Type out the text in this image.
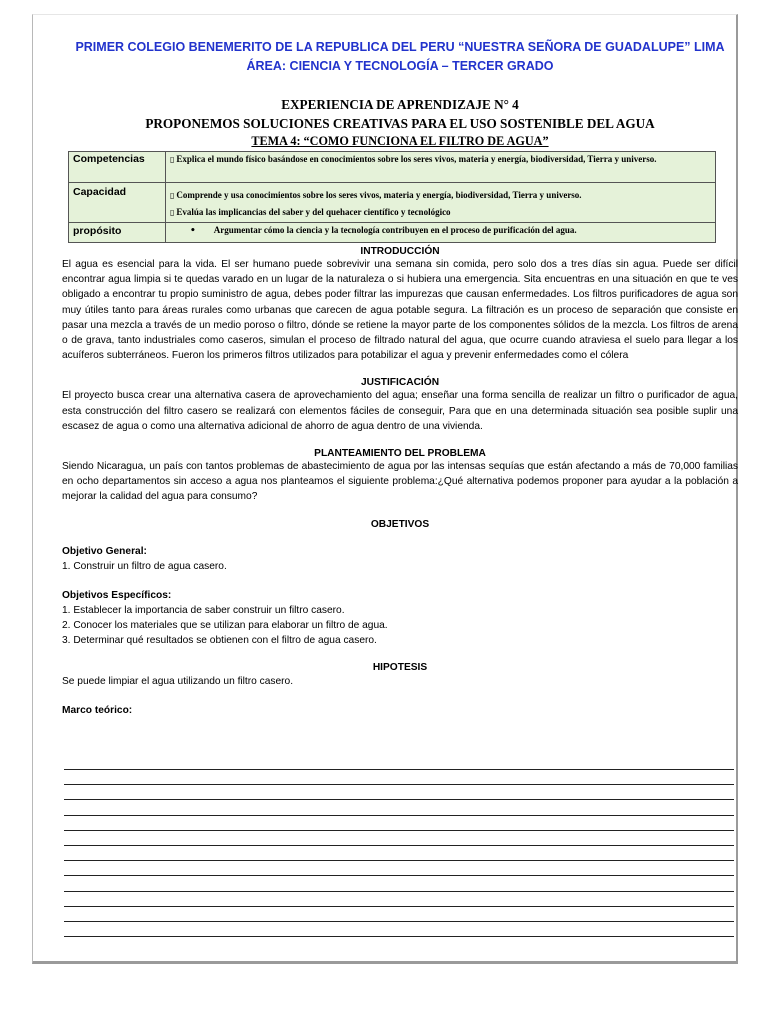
PRIMER COLEGIO BENEMERITO DE LA REPUBLICA DEL PERU “NUESTRA SEÑORA DE GUADALUPE” LIMA
ÁREA: CIENCIA Y TECNOLOGÍA – TERCER GRADO
EXPERIENCIA DE APRENDIZAJE N° 4
PROPONEMOS SOLUCIONES CREATIVAS PARA EL USO SOSTENIBLE DEL AGUA
TEMA 4: “COMO FUNCIONA EL FILTRO DE AGUA”
Competencias	▯ Explica el mundo físico basándose en conocimientos sobre los seres vivos, materia y energía, biodiversidad, Tierra y universo.
Capacidad	▯ Comprende y usa conocimientos sobre los seres vivos, materia y energía, biodiversidad, Tierra y universo.
▯ Evalúa las implicancias del saber y del quehacer científico y tecnológico

propósito	• Argumentar cómo la ciencia y la tecnología contribuyen en el proceso de purificación del agua.
INTRODUCCIÓN

El agua es esencial para la vida. El ser humano puede sobrevivir una semana sin comida, pero solo dos a tres días sin agua. Puede ser difícil encontrar agua limpia si te quedas varado en un lugar de la naturaleza o si hubiera una emergencia. Sita encuentras en una situación en que te ves obligado a encontrar tu propio suministro de agua, debes poder filtrar las impurezas que causan enfermedades. Los filtros purificadores de agua son muy útiles tanto para áreas rurales como urbanas que carecen de agua potable segura. La filtración es un proceso de separación que consiste en pasar una mezcla a través de un medio poroso o filtro, dónde se retiene la mayor parte de los componentes sólidos de la mezcla. Los filtros de arena o de grava, tanto industriales como caseros, simulan el proceso de filtrado natural del agua, que ocurre cuando atraviesa el suelo para llegar a los acuíferos subterráneos. Fueron los primeros filtros utilizados para potabilizar el agua y prevenir enfermedades como el cólera

JUSTIFICACIÓN

El proyecto busca crear una alternativa casera de aprovechamiento del agua; enseñar una forma sencilla de realizar un filtro o purificador de agua, esta construcción del filtro casero se realizará con elementos fáciles de conseguir, Para que en una determinada situación sea posible suplir una escasez de agua o como una alternativa adicional de ahorro de agua dentro de una vivienda.

PLANTEAMIENTO DEL PROBLEMA

Siendo Nicaragua, un país con tantos problemas de abastecimiento de agua por las intensas sequías que están afectando a más de 70,000 familias en ocho departamentos sin acceso a agua nos planteamos el siguiente problema:¿Qué alternativa podemos proponer para ayudar a la población a mejorar la calidad del agua para consumo?

OBJETIVOS
Objetivo General:
1. Construir un filtro de agua casero.
Objetivos Específicos:
1. Establecer la importancia de saber construir un filtro casero.
2. Conocer los materiales que se utilizan para elaborar un filtro de agua.
3. Determinar qué resultados se obtienen con el filtro de agua casero.
HIPOTESIS
Se puede limpiar el agua utilizando un filtro casero.
Marco teórico:
